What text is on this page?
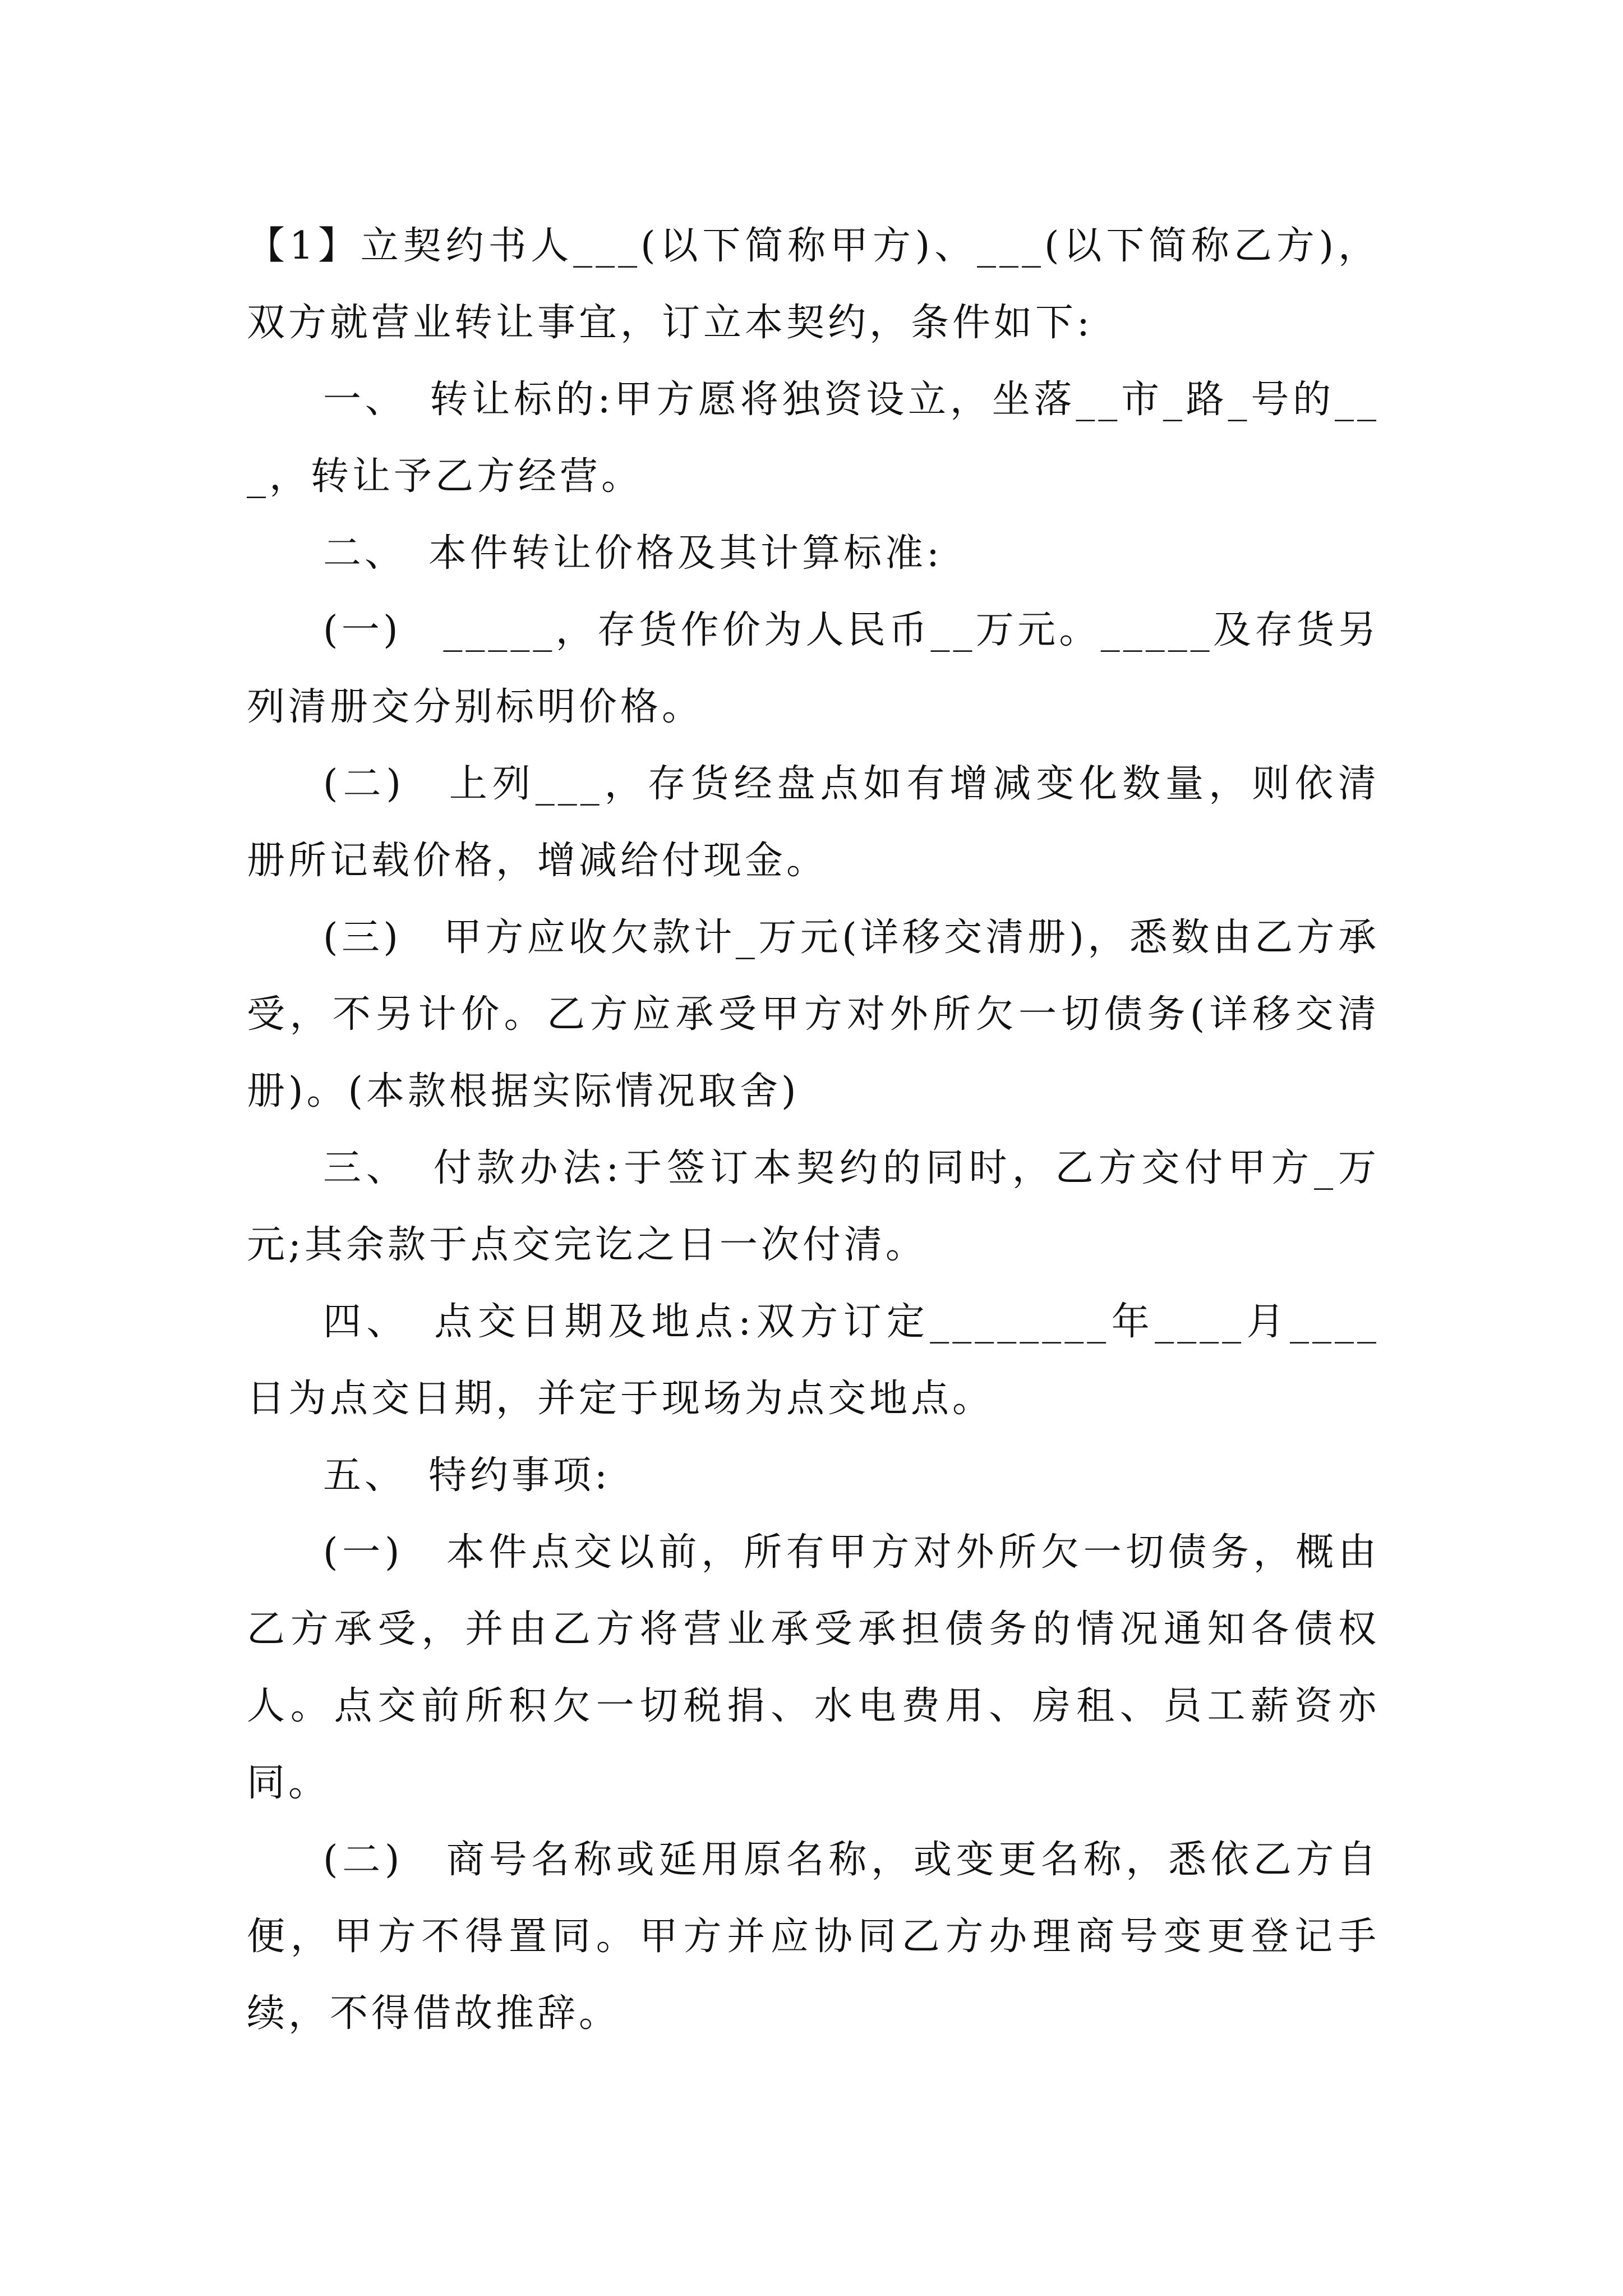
【1】立契约书人___(以下简称甲方)、___(以下简称乙方)，双方就营业转让事宜，订立本契约，条件如下:

一、　转让标的:甲方愿将独资设立，坐落__市_路_号的___，转让予乙方经营。

二、　本件转让价格及其计算标准:

(一)　_____，存货作价为人民币__万元。_____及存货另列清册交分别标明价格。

(二)　上列___，存货经盘点如有增减变化数量，则依清册所记载价格，增减给付现金。

(三)　甲方应收欠款计_万元(详移交清册)，悉数由乙方承受，不另计价。乙方应承受甲方对外所欠一切债务(详移交清册)。(本款根据实际情况取舍)

三、　付款办法:于签订本契约的同时，乙方交付甲方_万元;其余款于点交完讫之日一次付清。

四、　点交日期及地点:双方订定________年____月____日为点交日期，并定于现场为点交地点。

五、　特约事项:

(一)　本件点交以前，所有甲方对外所欠一切债务，概由乙方承受，并由乙方将营业承受承担债务的情况通知各债权人。点交前所积欠一切税捐、水电费用、房租、员工薪资亦同。

(二)　商号名称或延用原名称，或变更名称，悉依乙方自便，甲方不得置同。甲方并应协同乙方办理商号变更登记手续，不得借故推辞。
